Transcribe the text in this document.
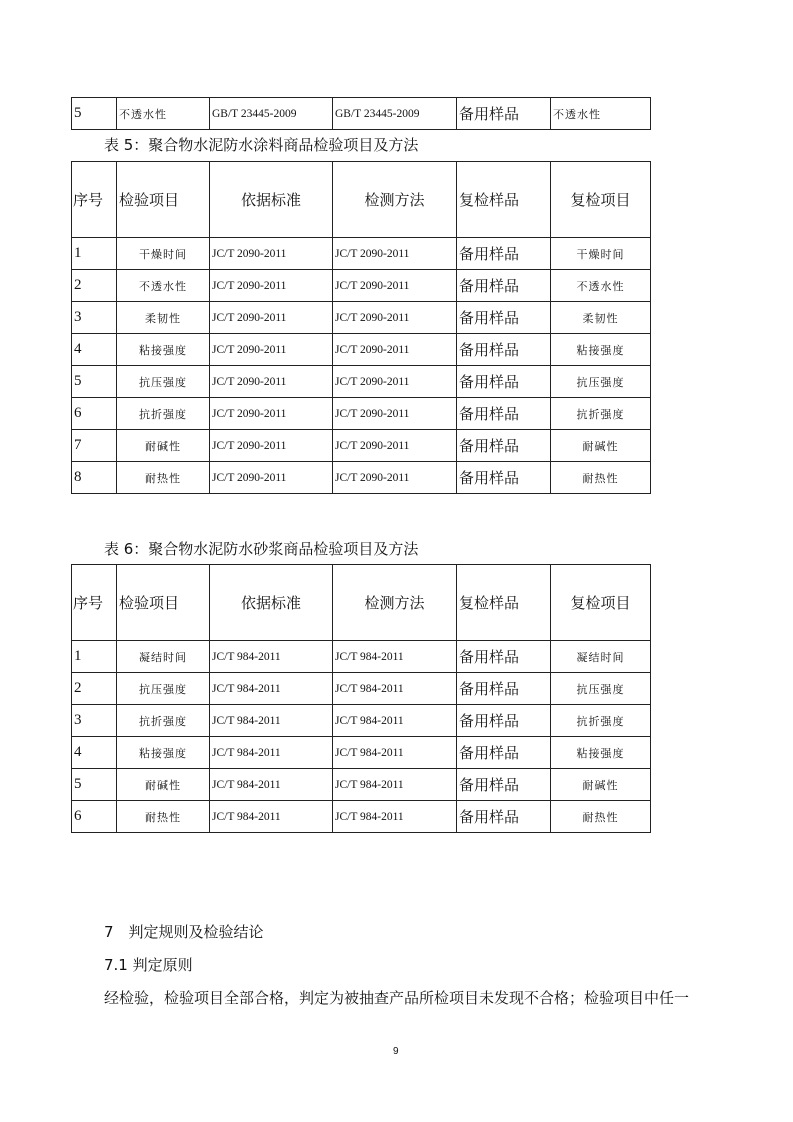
5	不透水性	GB/T 23445-2009	GB/T 23445-2009	备用样品	不透水性
表 5：聚合物水泥防水涂料商品检验项目及方法
序号	检验项目	依据标准	检测方法	复检样品	复检项目
1	干燥时间	JC/T 2090-2011	JC/T 2090-2011	备用样品	干燥时间
2	不透水性	JC/T 2090-2011	JC/T 2090-2011	备用样品	不透水性
3	柔韧性	JC/T 2090-2011	JC/T 2090-2011	备用样品	柔韧性
4	粘接强度	JC/T 2090-2011	JC/T 2090-2011	备用样品	粘接强度
5	抗压强度	JC/T 2090-2011	JC/T 2090-2011	备用样品	抗压强度
6	抗折强度	JC/T 2090-2011	JC/T 2090-2011	备用样品	抗折强度
7	耐碱性	JC/T 2090-2011	JC/T 2090-2011	备用样品	耐碱性
8	耐热性	JC/T 2090-2011	JC/T 2090-2011	备用样品	耐热性
表 6：聚合物水泥防水砂浆商品检验项目及方法
序号	检验项目	依据标准	检测方法	复检样品	复检项目
1	凝结时间	JC/T 984-2011	JC/T 984-2011	备用样品	凝结时间
2	抗压强度	JC/T 984-2011	JC/T 984-2011	备用样品	抗压强度
3	抗折强度	JC/T 984-2011	JC/T 984-2011	备用样品	抗折强度
4	粘接强度	JC/T 984-2011	JC/T 984-2011	备用样品	粘接强度
5	耐碱性	JC/T 984-2011	JC/T 984-2011	备用样品	耐碱性
6	耐热性	JC/T 984-2011	JC/T 984-2011	备用样品	耐热性
7　判定规则及检验结论
7.1 判定原则
经检验，检验项目全部合格，判定为被抽查产品所检项目未发现不合格；检验项目中任一
9
